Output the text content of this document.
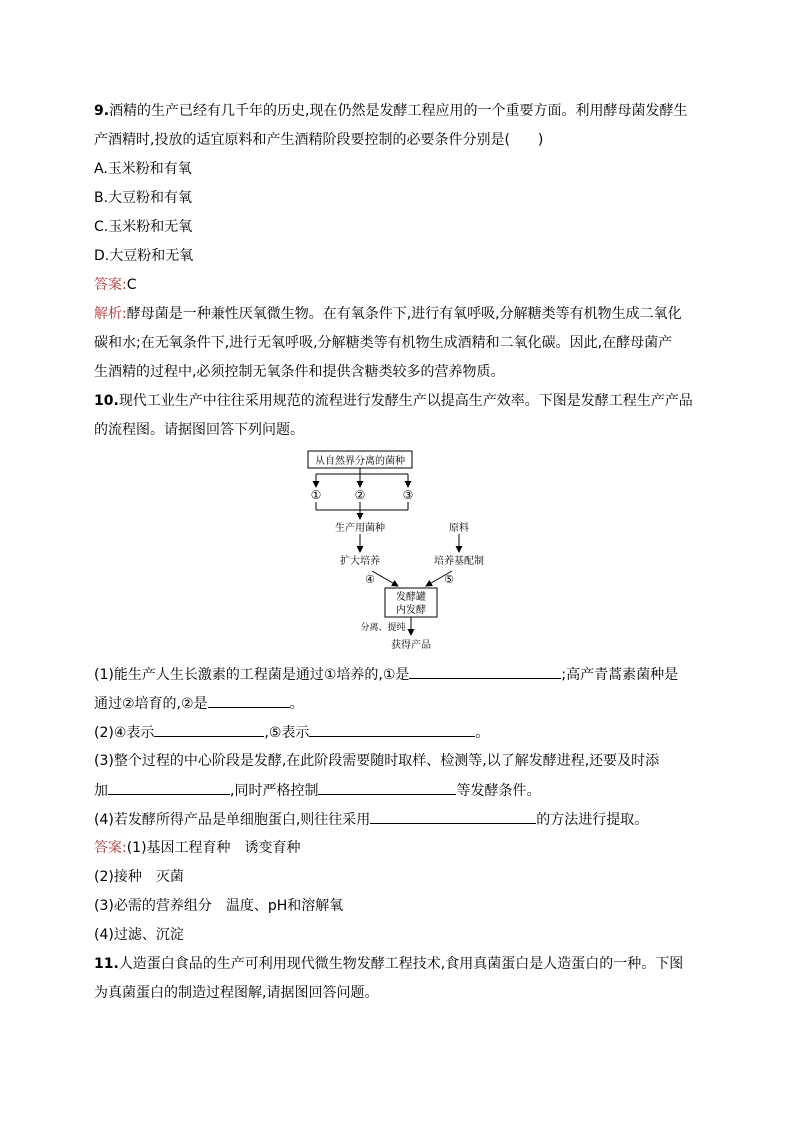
9.酒精的生产已经有几千年的历史,现在仍然是发酵工程应用的一个重要方面。利用酵母菌发酵生
产酒精时,投放的适宜原料和产生酒精阶段要控制的必要条件分别是(　　)
A.玉米粉和有氧
B.大豆粉和有氧
C.玉米粉和无氧
D.大豆粉和无氧
答案:C
解析:酵母菌是一种兼性厌氧微生物。在有氧条件下,进行有氧呼吸,分解糖类等有机物生成二氧化
碳和水;在无氧条件下,进行无氧呼吸,分解糖类等有机物生成酒精和二氧化碳。因此,在酵母菌产
生酒精的过程中,必须控制无氧条件和提供含糖类较多的营养物质。
10.现代工业生产中往往采用规范的流程进行发酵生产以提高生产效率。下图是发酵工程生产产品
的流程图。请据图回答下列问题。
从自然界分离的菌种
①	②	③
生产用菌种	原料
扩大培养	培养基配制
④	⑤
发酵罐
内发酵
分离、提纯
获得产品
(1)能生产人生长激素的工程菌是通过①培养的,①是	;高产青蒿素菌种是
通过②培育的,②是	。
(2)④表示	,⑤表示	。
(3)整个过程的中心阶段是发酵,在此阶段需要随时取样、检测等,以了解发酵进程,还要及时添
加	,同时严格控制	等发酵条件。
(4)若发酵所得产品是单细胞蛋白,则往往采用	的方法进行提取。
答案:(1)基因工程育种　诱变育种
(2)接种　灭菌
(3)必需的营养组分　温度、pH和溶解氧
(4)过滤、沉淀
11.人造蛋白食品的生产可利用现代微生物发酵工程技术,食用真菌蛋白是人造蛋白的一种。下图
为真菌蛋白的制造过程图解,请据图回答问题。
